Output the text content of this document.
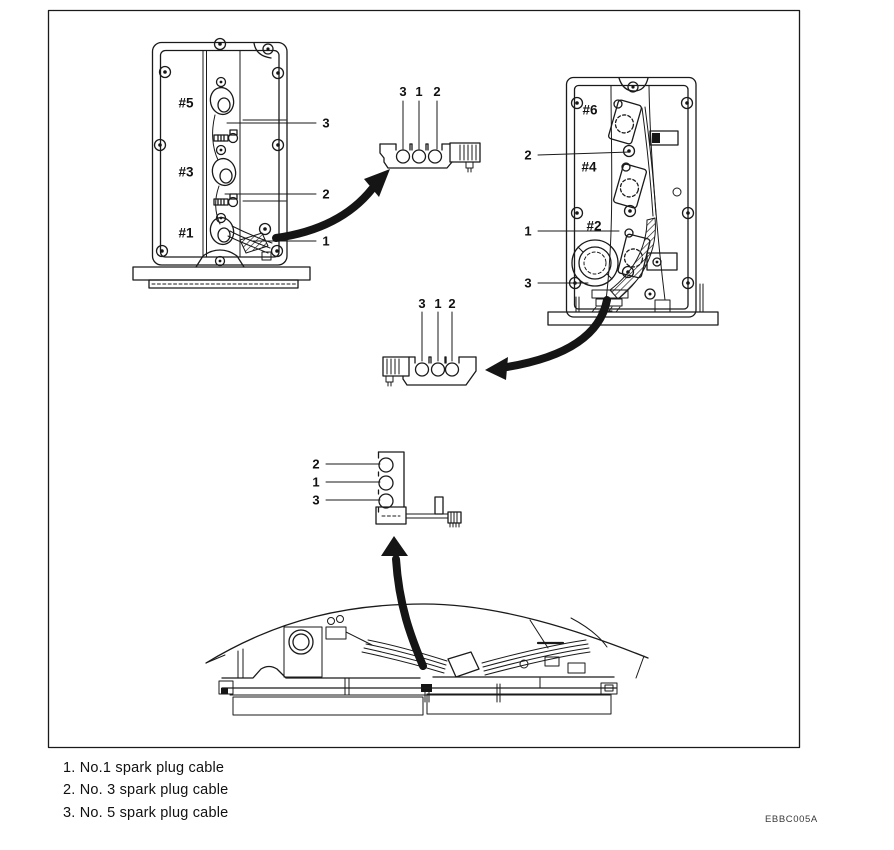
#5
#3
#1
3
2
1
3 1 2
#6
#4
#2
2
1
3
3 1 2
2
1
3
1. No.1 spark plug cable
2. No. 3 spark plug cable
3. No. 5 spark plug cable	EBBC005A
